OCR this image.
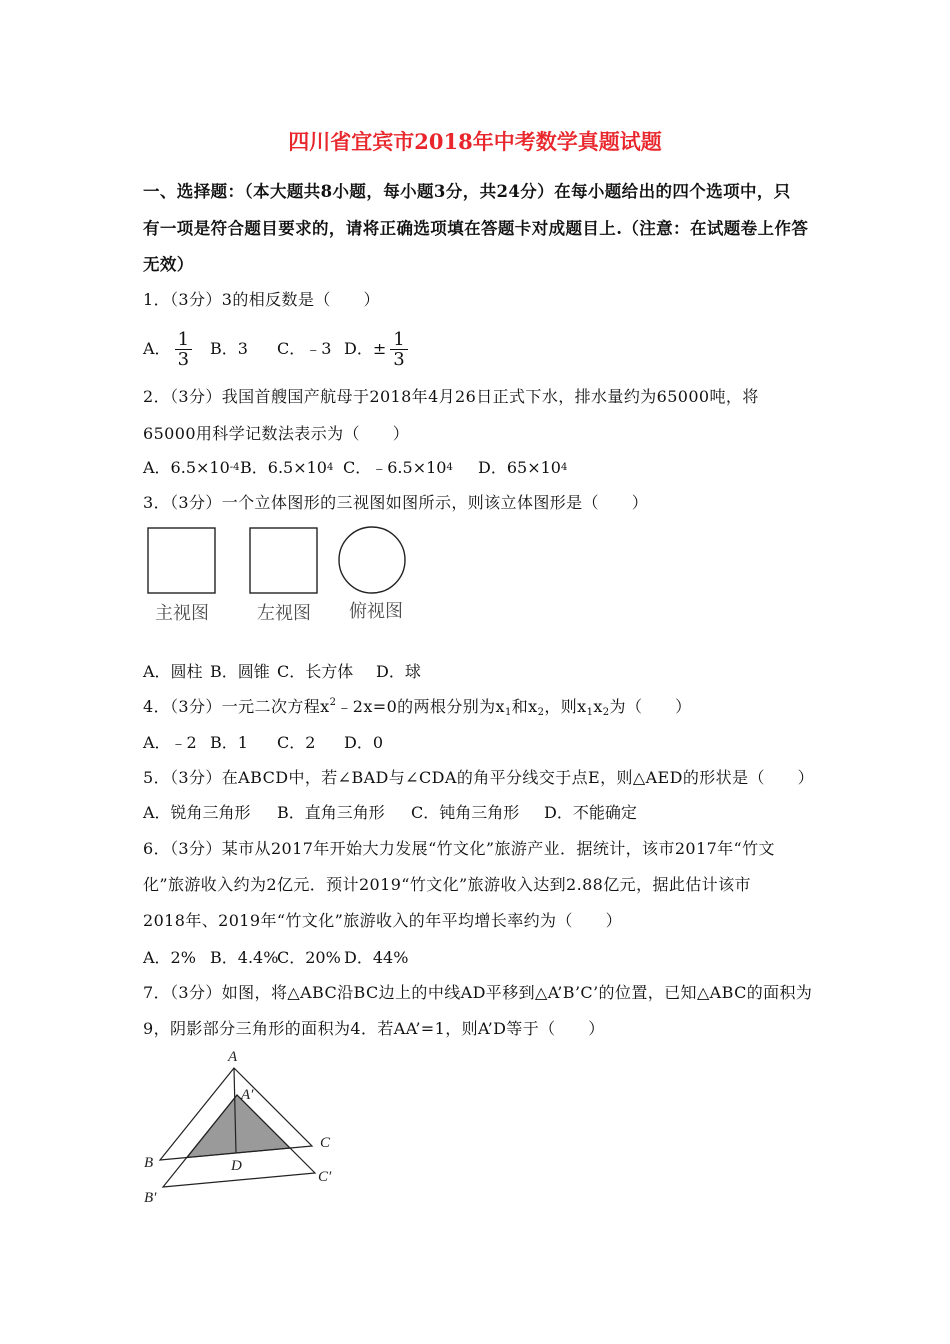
四川省宜宾市2018年中考数学真题试题
一、选择题：（本大题共8小题，每小题3分，共24分）在每小题给出的四个选项中，只
有一项是符合题目要求的，请将正确选项填在答题卡对成题目上.（注意：在试题卷上作答
无效）
1．（3分）3的相反数是（　　）
A． $\frac{1}{3}$ B．3 C．﹣3 D．± $\frac{1}{3}$
2．（3分）我国首艘国产航母于2018年4月26日正式下水，排水量约为65000吨，将
65000用科学记数法表示为（　　）
A．6.5×10 -4 B．6.5×10 4 C．﹣6.5×10 4 D．65×10 4
3．（3分）一个立体图形的三视图如图所示，则该立体图形是（　　）
主视图	左视图 俯视图
A．圆柱 B．圆锥 C．长方体 D．球
4．（3分）一元二次方程$x^2﹣2x=0$的两根分别为$x_1$和$x_2$，则$x_1x_2$为（　　）
A．﹣2 B．1 C．2 D．0
5．（3分）在ABCD中，若∠BAD与∠CDA的角平分线交于点E，则△AED的形状是（　　）
A．锐角三角形 B．直角三角形 C．钝角三角形 D．不能确定
6．（3分）某市从2017年开始大力发展“竹文化”旅游产业．据统计，该市2017年“竹文
化”旅游收入约为2亿元．预计2019“竹文化”旅游收入达到2.88亿元，据此估计该市
2018年、2019年“竹文化”旅游收入的年平均增长率约为（　　）
A．2% B．4.4%
C．20% D．44%
7．（3分）如图，将△ABC沿BC边上的中线AD平移到△A’B’C’的位置，已知△ABC的面积为
9，阴影部分三角形的面积为4．若AA’=1，则A’D等于（　　）
A
A′
B
C
D
B′
C′
